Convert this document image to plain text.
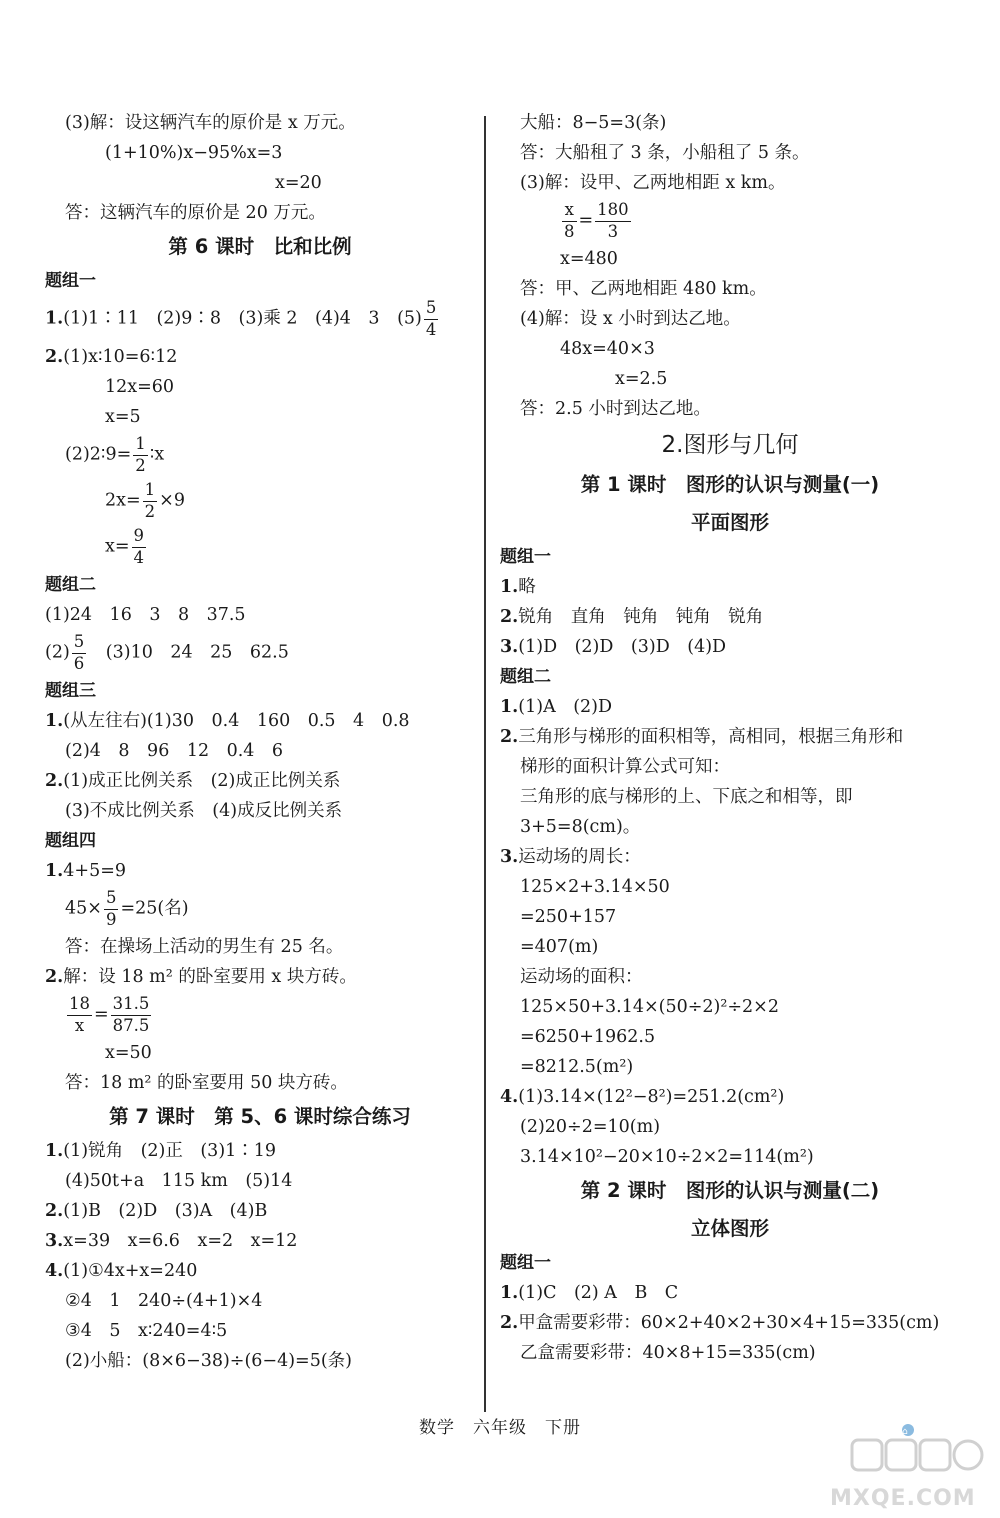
(3)解：设这辆汽车的原价是 x 万元。
(1+10%)x−95%x=3
x=20
答：这辆汽车的原价是 20 万元。
第 6 课时　比和比例
题组一
1.(1)1∶11　(2)9∶8　(3)乘 2　(4)4　3　$(5) \frac{5}{4}$
2.(1)x∶10=6∶12
12x=60
x=5
(2)2∶9= $\frac{1}{2}$ ∶x
$2x= \frac{1}{2} \times 9$
$x= \frac{9}{4}$
题组二
(1)24　16　3　8　37.5
$(2) \frac{5}{6}$ 　(3)10　24　25　62.5
题组三
1.(从左往右)(1)30　0.4　160　0.5　4　0.8
(2)4　8　96　12　0.4　6
2.(1)成正比例关系　(2)成正比例关系
(3)不成比例关系　(4)成反比例关系
题组四
1.4+5=9
$45\times \frac{5}{9} =25$(名)
答：在操场上活动的男生有 25 名。
2.解：设 18 m² 的卧室要用 x 块方砖。
$\frac{18}{x} = \frac{31.5}{87.5}$
x=50
答：18 m² 的卧室要用 50 块方砖。
第 7 课时　第 5、6 课时综合练习
1.(1)锐角　(2)正　(3)1∶19
(4)50t+a　115 km　(5)14
2.(1)B　(2)D　(3)A　(4)B
3.x=39　x=6.6　x=2　x=12
4.(1)①4x+x=240
②4　1　240÷(4+1)×4
③4　5　x∶240=4∶5
(2)小船：(8×6−38)÷(6−4)=5(条)
大船：8−5=3(条)
答：大船租了 3 条，小船租了 5 条。
(3)解：设甲、乙两地相距 x km。
$\frac{x}{8} = \frac{180}{3}$
x=480
答：甲、乙两地相距 480 km。
(4)解：设 x 小时到达乙地。
48x=40×3
x=2.5
答：2.5 小时到达乙地。
2.图形与几何
第 1 课时　图形的认识与测量(一)
平面图形
题组一
1.略
2.锐角　直角　钝角　钝角　锐角
3.(1)D　(2)D　(3)D　(4)D
题组二
1.(1)A　(2)D
2.三角形与梯形的面积相等，高相同，根据三角形和
梯形的面积计算公式可知：
三角形的底与梯形的上、下底之和相等，即
3+5=8(cm)。
3.运动场的周长：
125×2+3.14×50
=250+157
=407(m)
运动场的面积：
125×50+3.14×(50÷2)²÷2×2
=6250+1962.5
=8212.5(m²)
4.(1)3.14×(12²−8²)=251.2(cm²)
(2)20÷2=10(m)
3.14×10²−20×10÷2×2=114(m²)
第 2 课时　图形的认识与测量(二)
立体图形
题组一
1.(1)C　(2) A　B　C
2.甲盒需要彩带：60×2+40×2+30×4+15=335(cm)
乙盒需要彩带：40×8+15=335(cm)
数学　六年级　下册	⌂
MXQE.COM
